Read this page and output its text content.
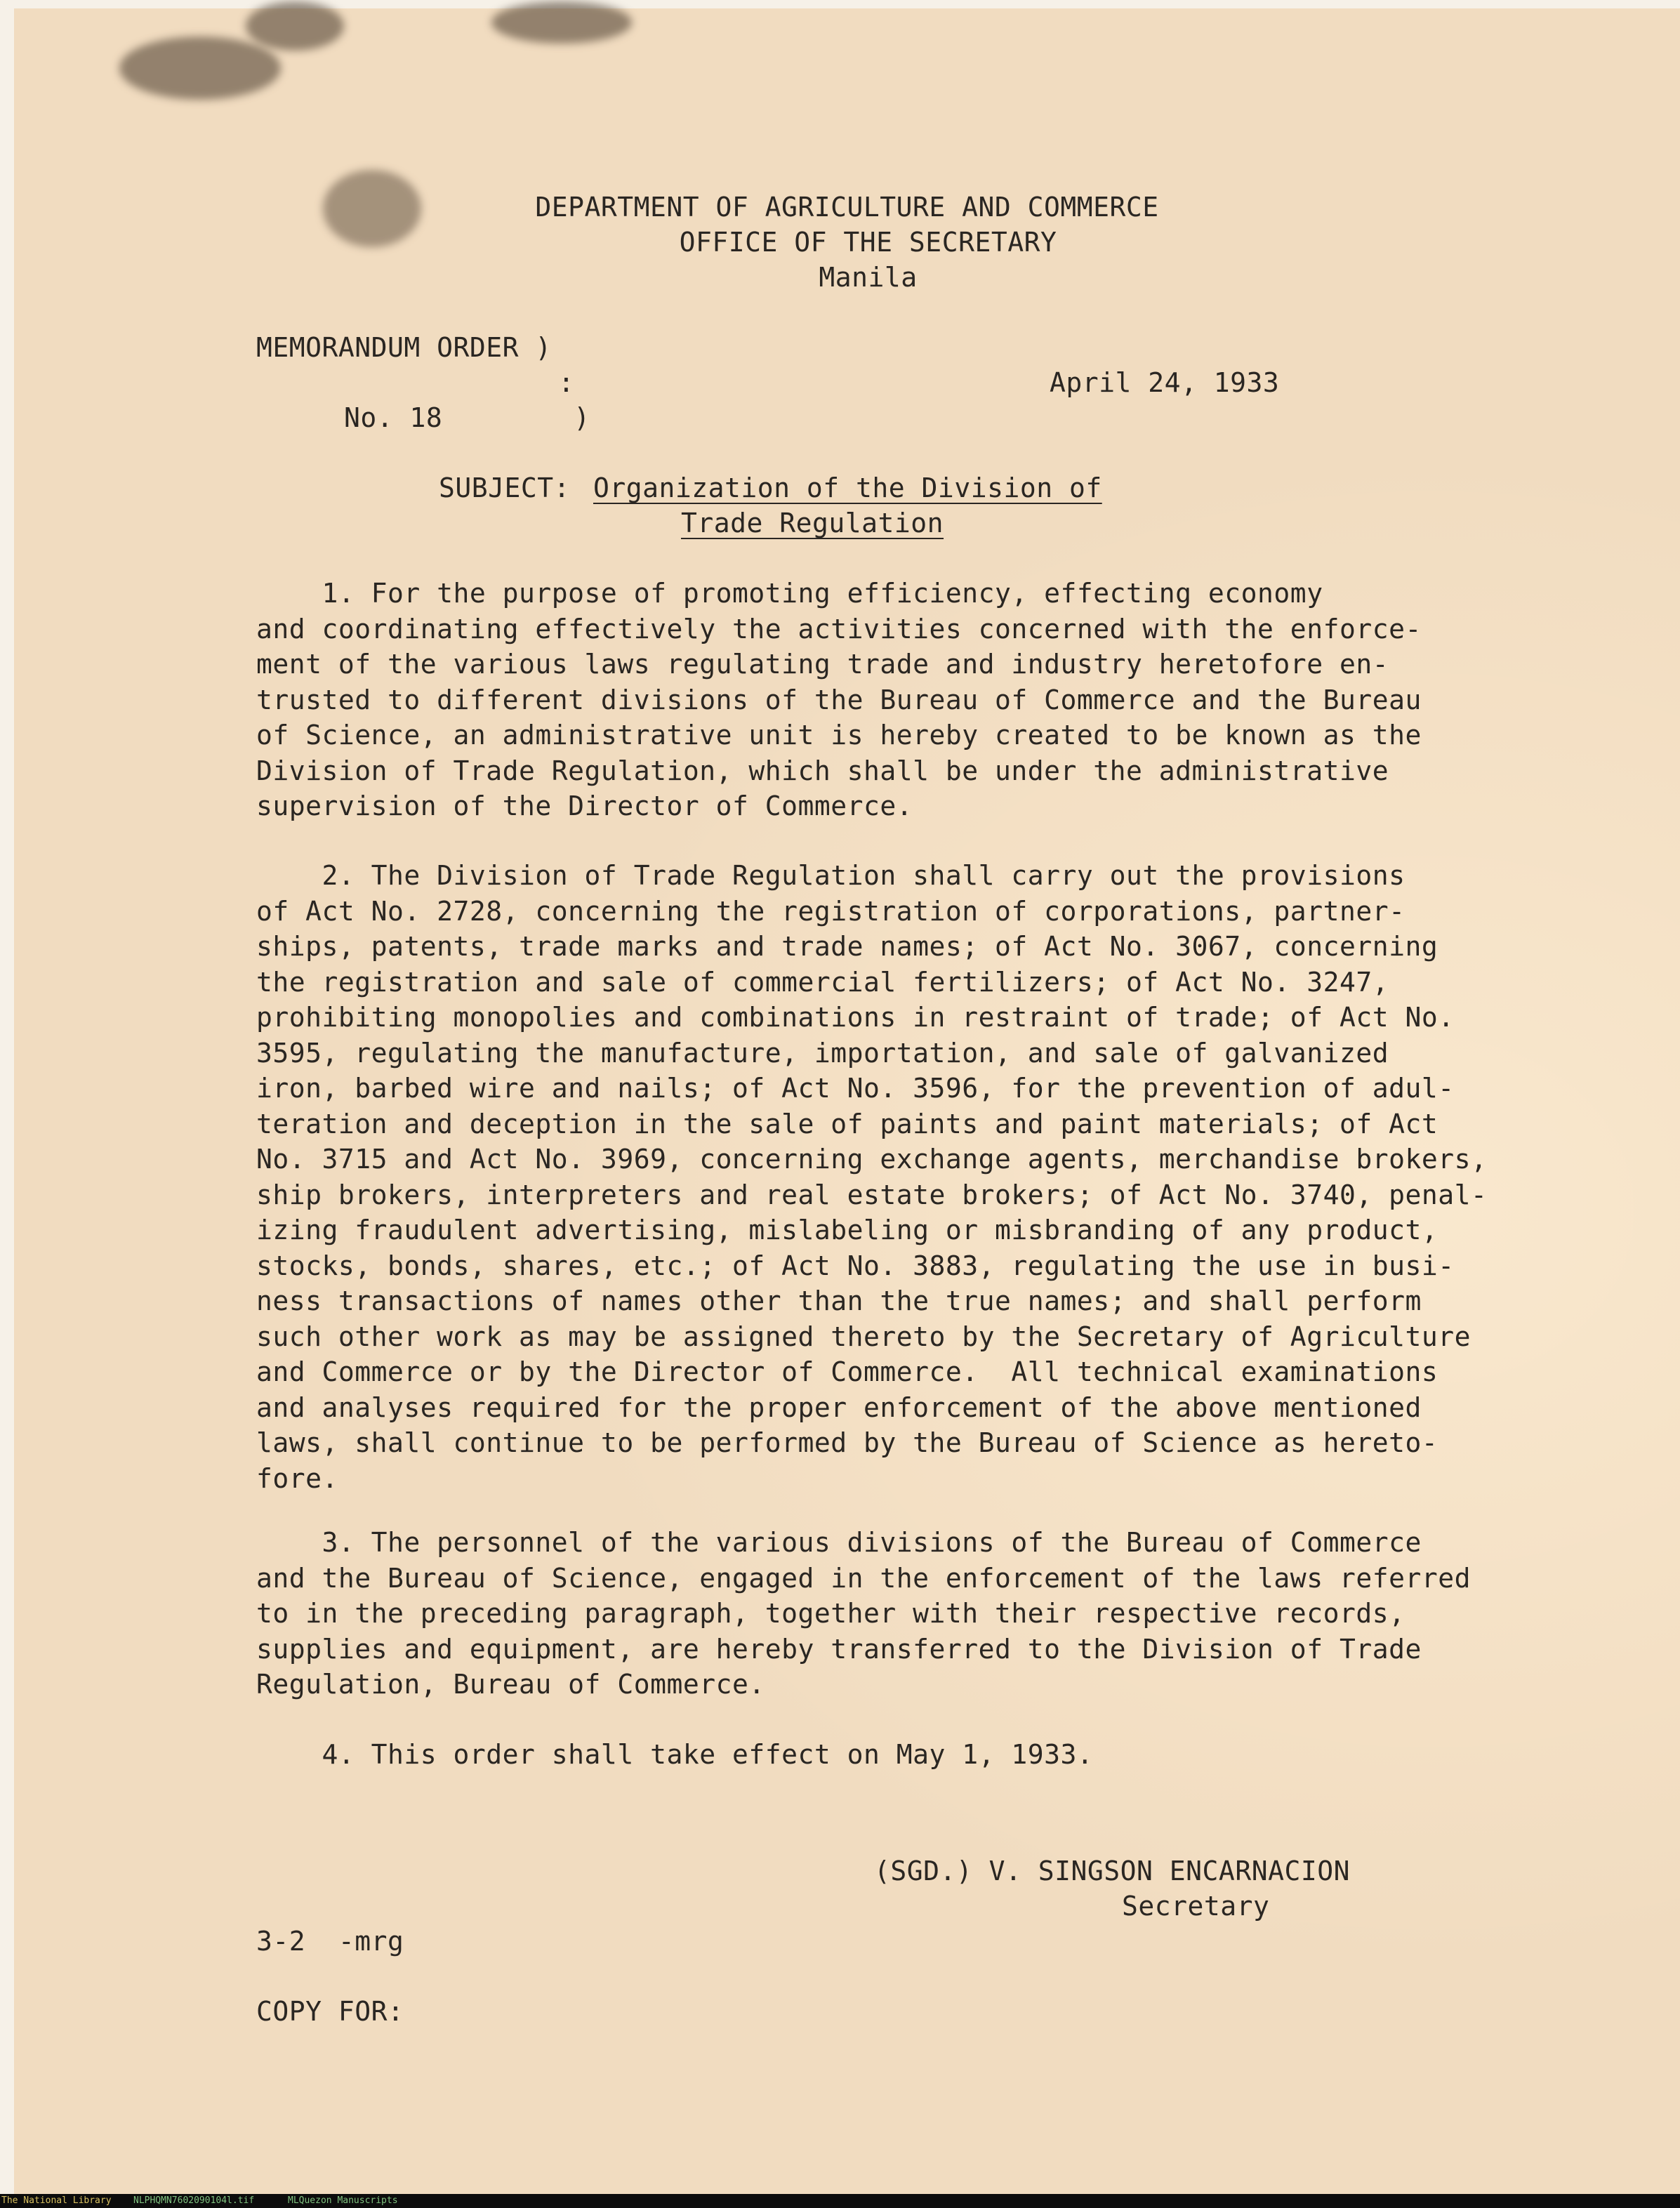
DEPARTMENT OF AGRICULTURE AND COMMERCE
OFFICE OF THE SECRETARY
Manila
MEMORANDUM ORDER )
:
No. 18        )
April 24, 1933
SUBJECT: Organization of the Division of
Trade Regulation
1. For the purpose of promoting efficiency, effecting economy
and coordinating effectively the activities concerned with the enforce-
ment of the various laws regulating trade and industry heretofore en-
trusted to different divisions of the Bureau of Commerce and the Bureau
of Science, an administrative unit is hereby created to be known as the
Division of Trade Regulation, which shall be under the administrative
supervision of the Director of Commerce.
2. The Division of Trade Regulation shall carry out the provisions
of Act No. 2728, concerning the registration of corporations, partner-
ships, patents, trade marks and trade names; of Act No. 3067, concerning
the registration and sale of commercial fertilizers; of Act No. 3247,
prohibiting monopolies and combinations in restraint of trade; of Act No.
3595, regulating the manufacture, importation, and sale of galvanized
iron, barbed wire and nails; of Act No. 3596, for the prevention of adul-
teration and deception in the sale of paints and paint materials; of Act
No. 3715 and Act No. 3969, concerning exchange agents, merchandise brokers,
ship brokers, interpreters and real estate brokers; of Act No. 3740, penal-
izing fraudulent advertising, mislabeling or misbranding of any product,
stocks, bonds, shares, etc.; of Act No. 3883, regulating the use in busi-
ness transactions of names other than the true names; and shall perform
such other work as may be assigned thereto by the Secretary of Agriculture
and Commerce or by the Director of Commerce.  All technical examinations
and analyses required for the proper enforcement of the above mentioned
laws, shall continue to be performed by the Bureau of Science as hereto-
fore.
3. The personnel of the various divisions of the Bureau of Commerce
and the Bureau of Science, engaged in the enforcement of the laws referred
to in the preceding paragraph, together with their respective records,
supplies and equipment, are hereby transferred to the Division of Trade
Regulation, Bureau of Commerce.
4. This order shall take effect on May 1, 1933.
(SGD.) V. SINGSON ENCARNACION
Secretary
3-2  -mrg
COPY FOR:
The National Library NLPHQMN7602090104l.tif	MLQuezon Manuscripts
